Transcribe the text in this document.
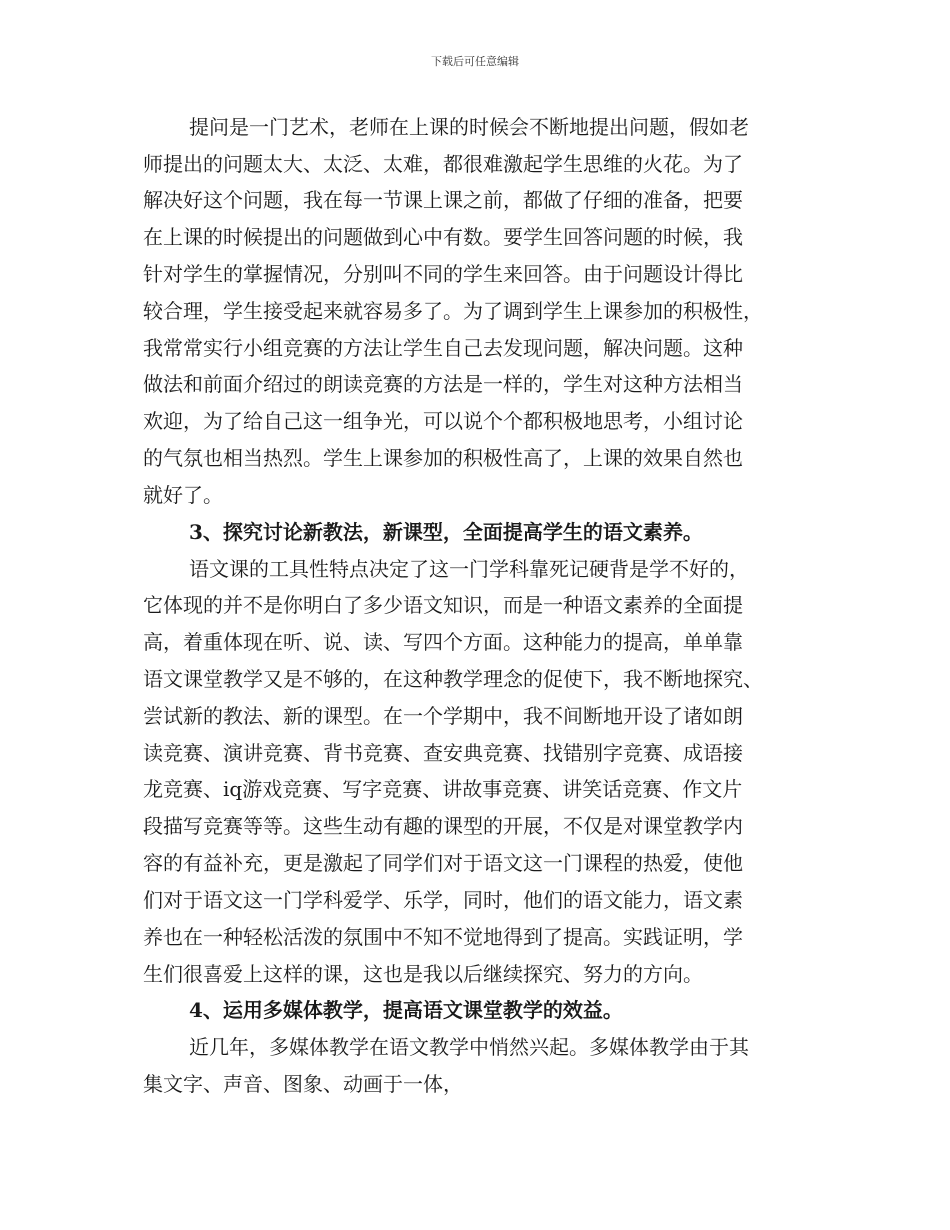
下载后可任意编辑
提问是一门艺术，老师在上课的时候会不断地提出问题，假如老
师提出的问题太大、太泛、太难，都很难激起学生思维的火花。为了
解决好这个问题，我在每一节课上课之前，都做了仔细的准备，把要
在上课的时候提出的问题做到心中有数。要学生回答问题的时候，我
针对学生的掌握情况，分别叫不同的学生来回答。由于问题设计得比
较合理，学生接受起来就容易多了。为了调到学生上课参加的积极性，
我常常实行小组竞赛的方法让学生自己去发现问题，解决问题。这种
做法和前面介绍过的朗读竞赛的方法是一样的，学生对这种方法相当
欢迎，为了给自己这一组争光，可以说个个都积极地思考，小组讨论
的气氛也相当热烈。学生上课参加的积极性高了，上课的效果自然也
就好了。
3、探究讨论新教法，新课型，全面提高学生的语文素养。
语文课的工具性特点决定了这一门学科靠死记硬背是学不好的，
它体现的并不是你明白了多少语文知识，而是一种语文素养的全面提
高，着重体现在听、说、读、写四个方面。这种能力的提高，单单靠
语文课堂教学又是不够的，在这种教学理念的促使下，我不断地探究、
尝试新的教法、新的课型。在一个学期中，我不间断地开设了诸如朗
读竞赛、演讲竞赛、背书竞赛、查安典竞赛、找错别字竞赛、成语接
龙竞赛、iq游戏竞赛、写字竞赛、讲故事竞赛、讲笑话竞赛、作文片
段描写竞赛等等。这些生动有趣的课型的开展，不仅是对课堂教学内
容的有益补充，更是激起了同学们对于语文这一门课程的热爱，使他
们对于语文这一门学科爱学、乐学，同时，他们的语文能力，语文素
养也在一种轻松活泼的氛围中不知不觉地得到了提高。实践证明，学
生们很喜爱上这样的课，这也是我以后继续探究、努力的方向。
4、运用多媒体教学，提高语文课堂教学的效益。
近几年，多媒体教学在语文教学中悄然兴起。多媒体教学由于其
集文字、声音、图象、动画于一体，
